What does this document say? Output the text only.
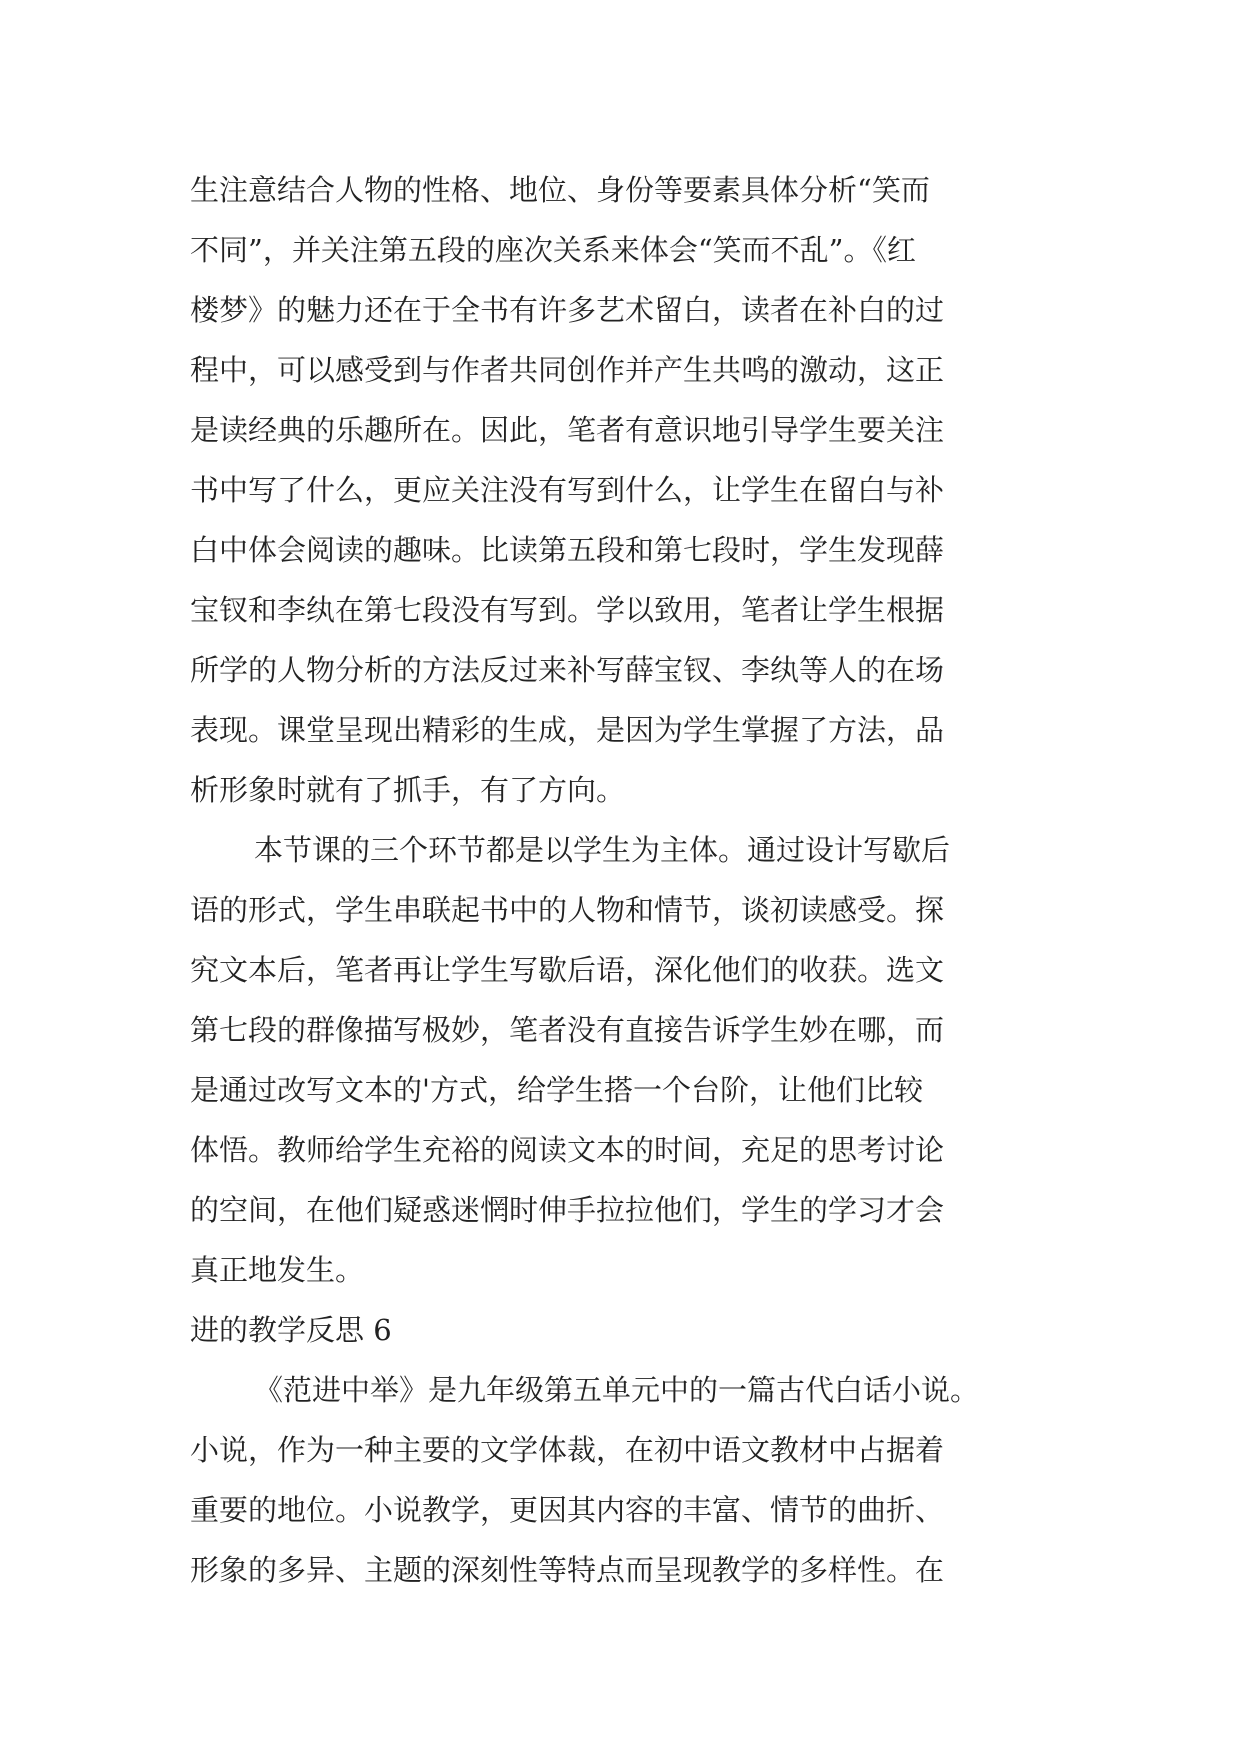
生注意结合人物的性格、地位、身份等要素具体分析“笑而
不同”，并关注第五段的座次关系来体会“笑而不乱”。《红
楼梦》的魅力还在于全书有许多艺术留白，读者在补白的过
程中，可以感受到与作者共同创作并产生共鸣的激动，这正
是读经典的乐趣所在。因此，笔者有意识地引导学生要关注
书中写了什么，更应关注没有写到什么，让学生在留白与补
白中体会阅读的趣味。比读第五段和第七段时，学生发现薛
宝钗和李纨在第七段没有写到。学以致用，笔者让学生根据
所学的人物分析的方法反过来补写薛宝钗、李纨等人的在场
表现。课堂呈现出精彩的生成，是因为学生掌握了方法，品
析形象时就有了抓手，有了方向。
本节课的三个环节都是以学生为主体。通过设计写歇后
语的形式，学生串联起书中的人物和情节，谈初读感受。探
究文本后，笔者再让学生写歇后语，深化他们的收获。选文
第七段的群像描写极妙，笔者没有直接告诉学生妙在哪，而
是通过改写文本的'方式，给学生搭一个台阶，让他们比较
体悟。教师给学生充裕的阅读文本的时间，充足的思考讨论
的空间，在他们疑惑迷惘时伸手拉拉他们，学生的学习才会
真正地发生。
进的教学反思 6
《范进中举》是九年级第五单元中的一篇古代白话小说。
小说，作为一种主要的文学体裁，在初中语文教材中占据着
重要的地位。小说教学，更因其内容的丰富、情节的曲折、
形象的多异、主题的深刻性等特点而呈现教学的多样性。在
